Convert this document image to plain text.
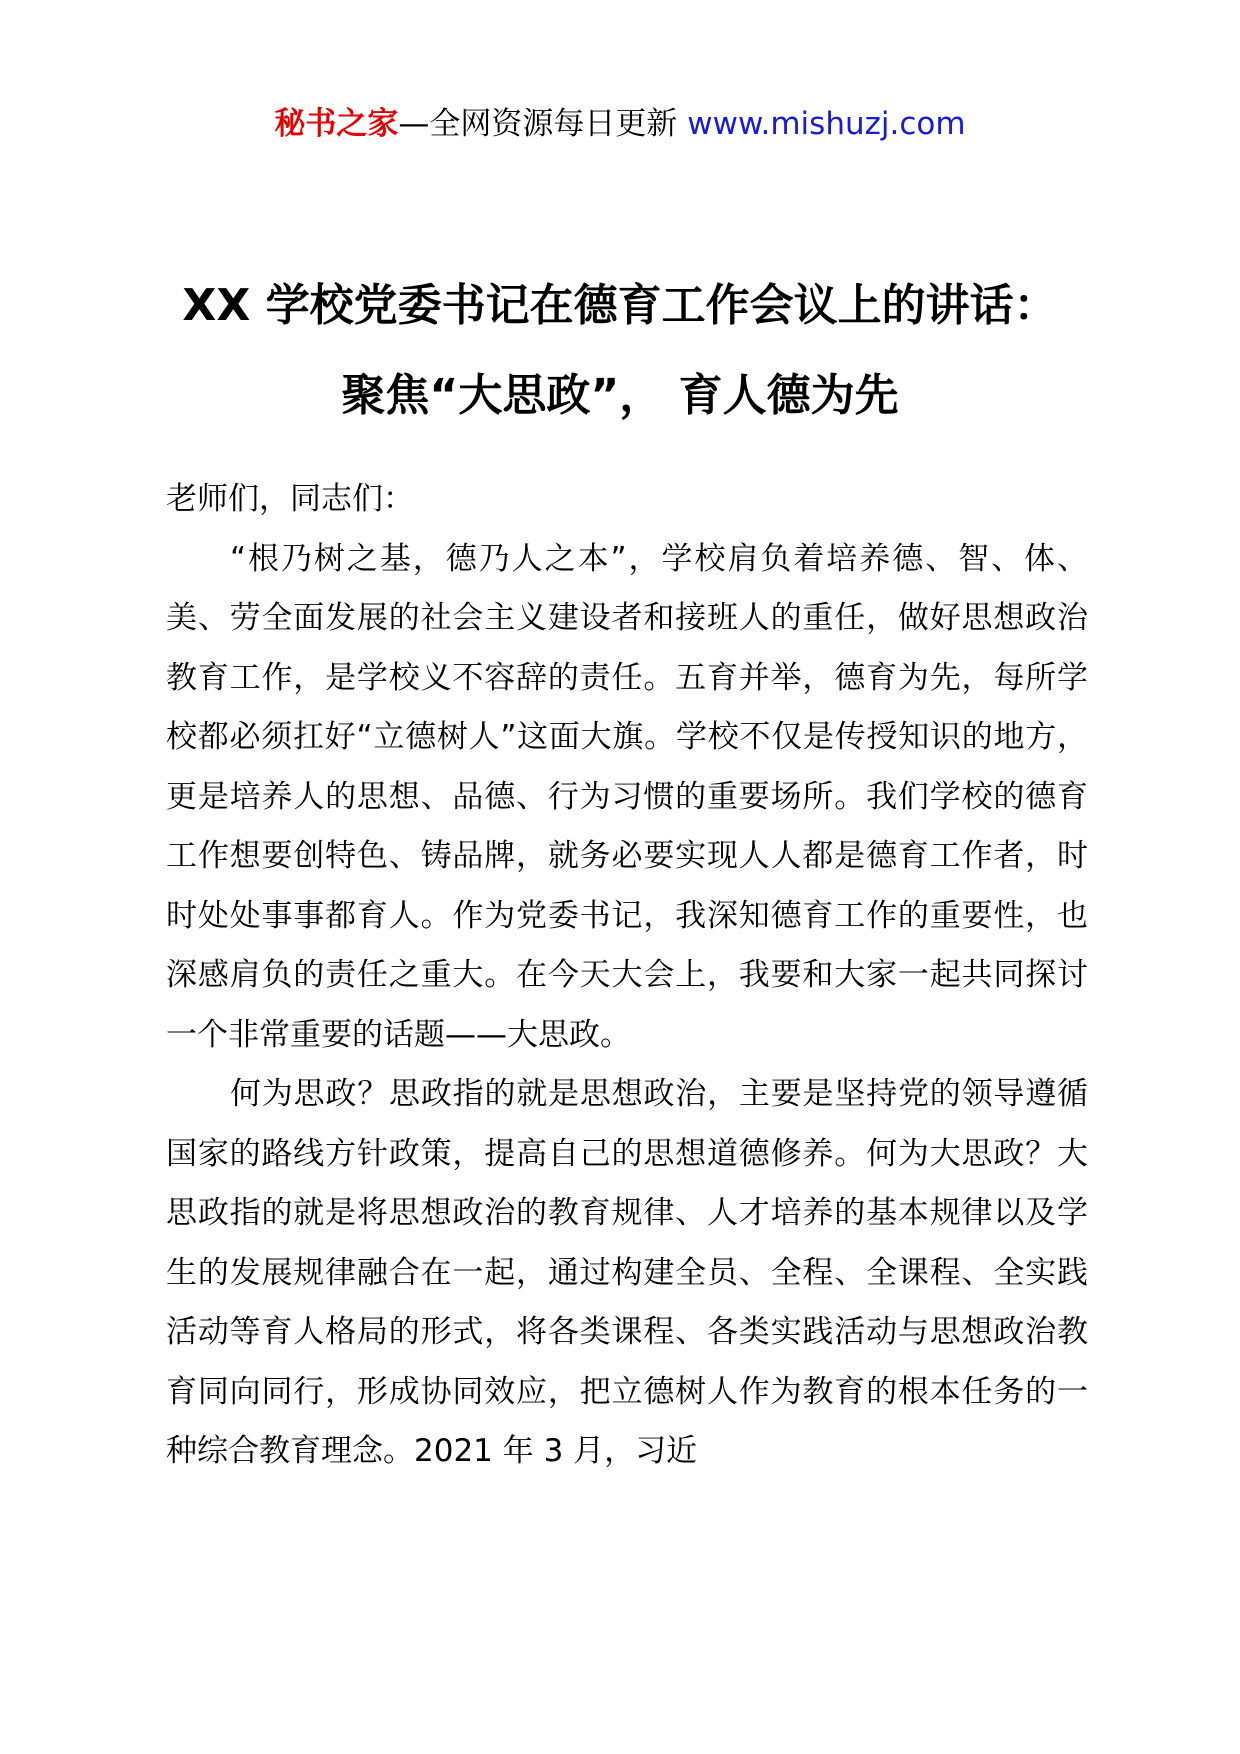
秘书之家—全网资源每日更新 www.mishuzj.com
XX 学校党委书记在德育工作会议上的讲话：
聚焦“大思政”， 育人德为先

老师们，同志们：

“根乃树之基，德乃人之本”，学校肩负着培养德、智、体、美、劳全面发展的社会主义建设者和接班人的重任，做好思想政治教育工作，是学校义不容辞的责任。五育并举，德育为先，每所学校都必须扛好“立德树人”这面大旗。学校不仅是传授知识的地方，更是培养人的思想、品德、行为习惯的重要场所。我们学校的德育工作想要创特色、铸品牌，就务必要实现人人都是德育工作者，时时处处事事都育人。作为党委书记，我深知德育工作的重要性，也深感肩负的责任之重大。在今天大会上，我要和大家一起共同探讨一个非常重要的话题——大思政。

何为思政？思政指的就是思想政治，主要是坚持党的领导遵循国家的路线方针政策，提高自己的思想道德修养。何为大思政？大思政指的就是将思想政治的教育规律、人才培养的基本规律以及学生的发展规律融合在一起，通过构建全员、全程、全课程、全实践活动等育人格局的形式，将各类课程、各类实践活动与思想政治教育同向同行，形成协同效应，把立德树人作为教育的根本任务的一种综合教育理念。2021 年 3 月，习近
